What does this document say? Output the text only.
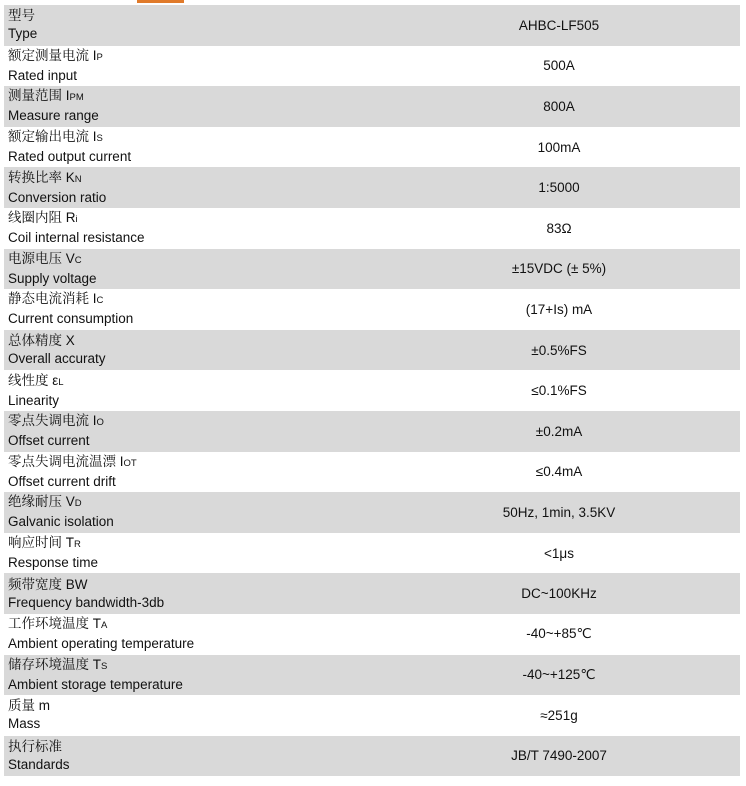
型号
Type	AHBC-LF505

额定测量电流 IP
Rated input	500A

测量范围 IPM
Measure range	800A

额定输出电流 IS
Rated output current	100mA

转换比率 KN
Conversion ratio	1:5000

线圈内阻 Ri
Coil internal resistance	83Ω

电源电压 VC
Supply voltage	±15VDC (± 5%)

静态电流消耗 IC
Current consumption	(17+Is) mA

总体精度 X
Overall accuraty	±0.5%FS

线性度 εL
Linearity	≤0.1%FS

零点失调电流 IO
Offset current	±0.2mA

零点失调电流温漂 IOT
Offset current drift	≤0.4mA

绝缘耐压 VD
Galvanic isolation	50Hz, 1min, 3.5KV

响应时间 TR
Response time	<1μs

频带宽度 BW
Frequency bandwidth-3db	DC~100KHz

工作环境温度 TA
Ambient operating temperature	-40~+85℃

储存环境温度 TS
Ambient storage temperature	-40~+125℃

质量 m
Mass	≈251g

执行标准
Standards	JB/T 7490-2007
